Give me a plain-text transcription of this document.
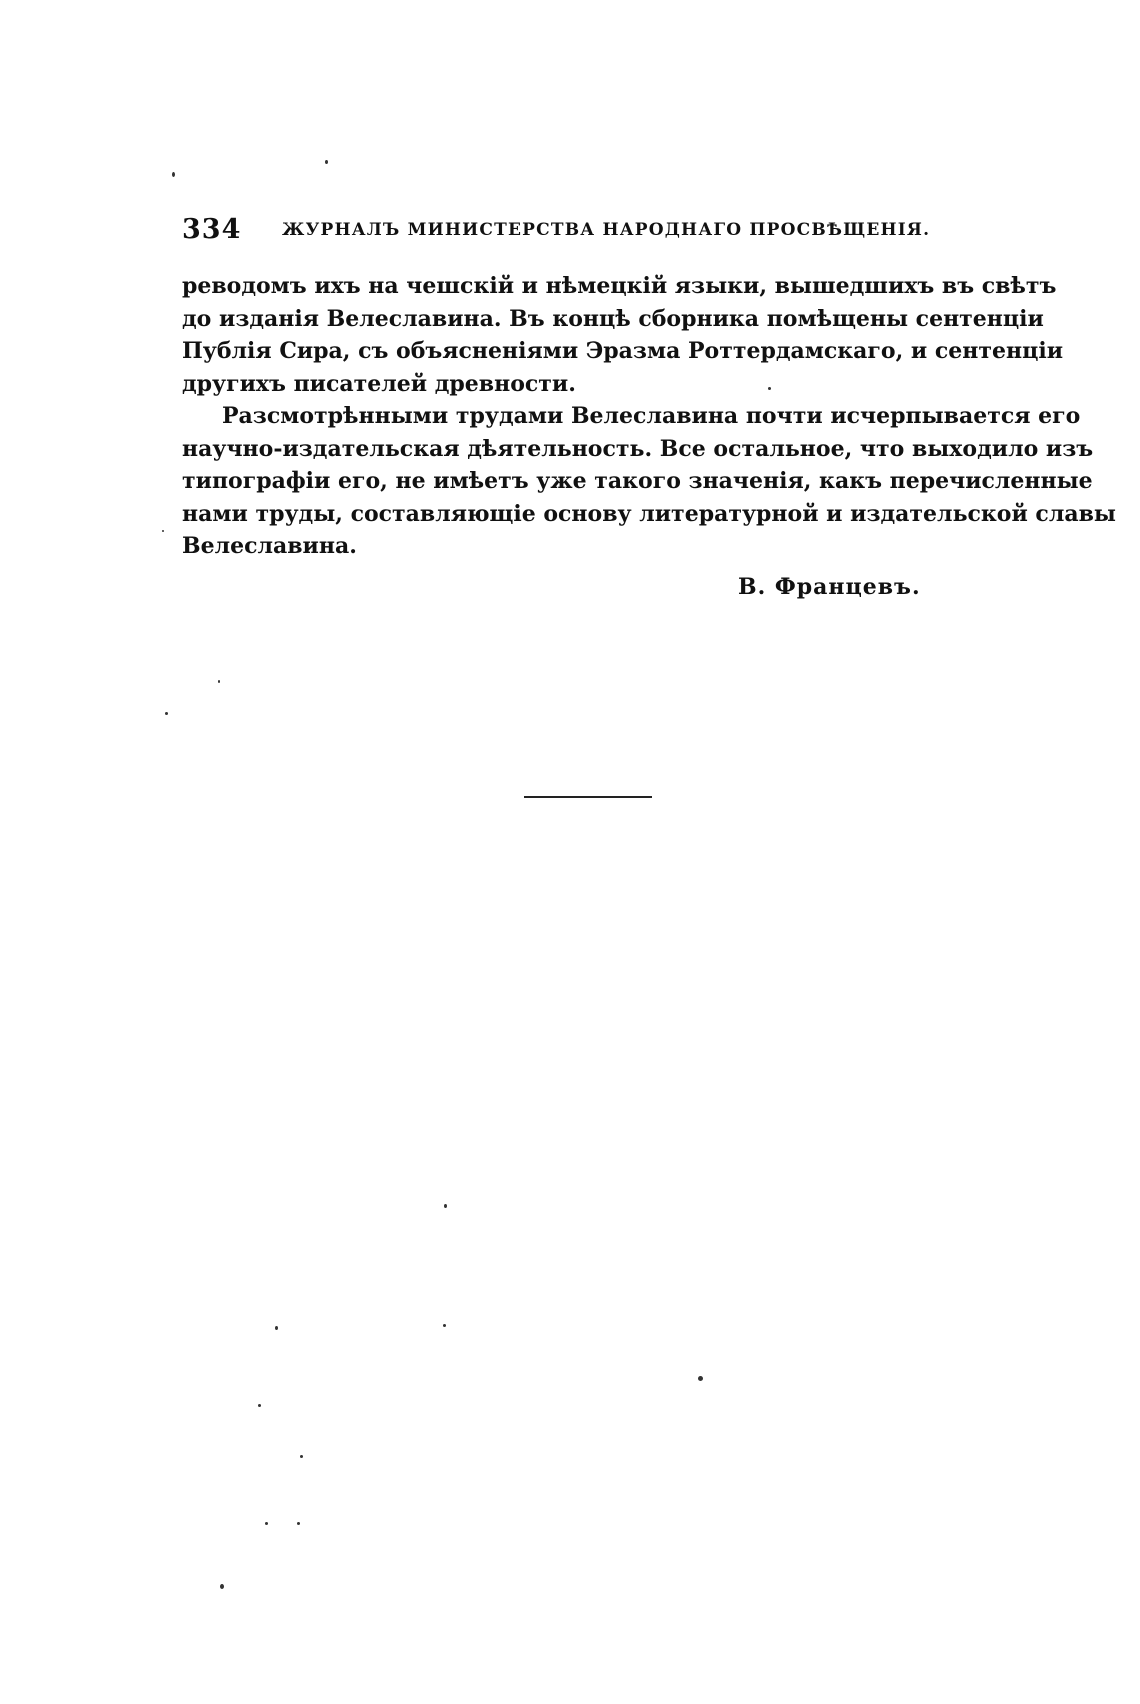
334 ЖУРНАЛЪ МИНИСТЕРСТВА НАРОДНАГО ПРОСВѢЩЕНІЯ.
реводомъ ихъ на чешскій и нѣмецкій языки, вышедшихъ въ свѣтъ
до изданія Велеславина. Въ концѣ сборника помѣщены сентенціи
Публія Сира, съ объясненіями Эразма Роттердамскаго, и сентенціи
другихъ писателей древности.
Разсмотрѣнными трудами Велеславина почти исчерпывается его
научно-издательская дѣятельность. Все остальное, что выходило изъ
типографіи его, не имѣетъ уже такого значенія, какъ перечисленные
нами труды, составляющіе основу литературной и издательской славы
Велеславина.
В. Францевъ.
